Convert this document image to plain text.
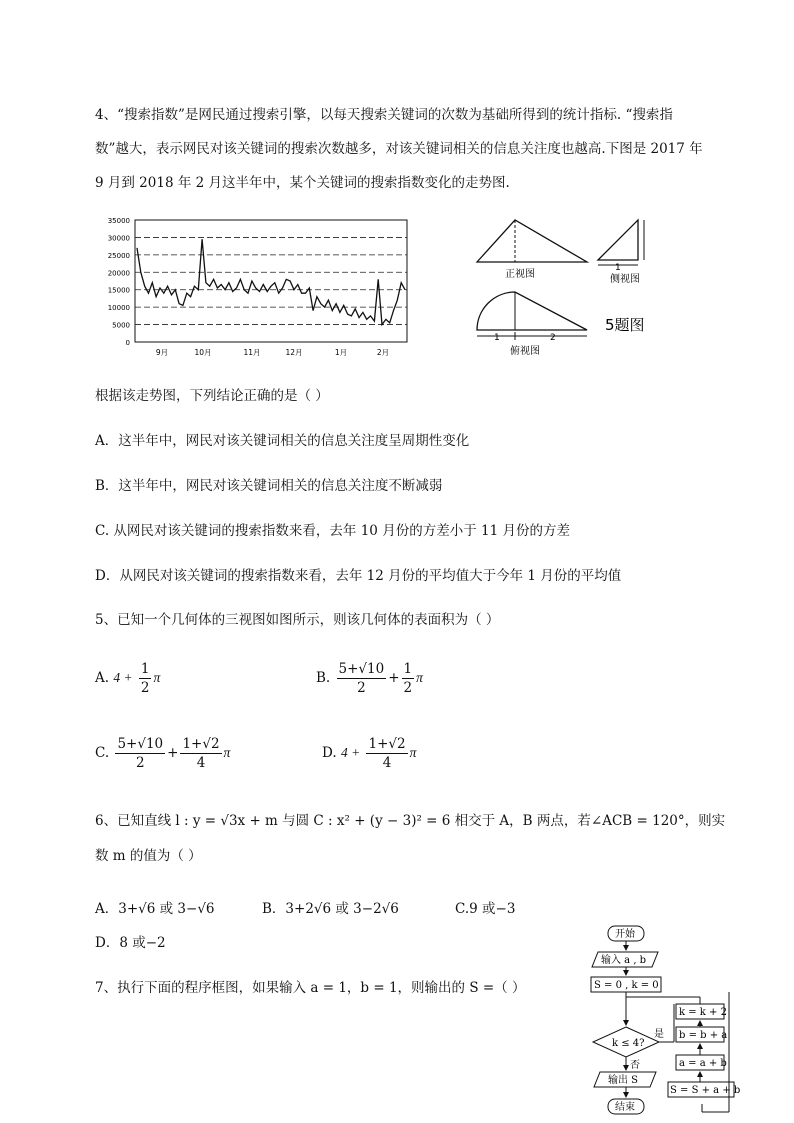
4、“搜索指数”是网民通过搜索引擎，以每天搜索关键词的次数为基础所得到的统计指标. “搜索指数”越大，表示网民对该关键词的搜索次数越多，对该关键词相关的信息关注度也越高.下图是 2017 年 9 月到 2018 年 2 月这半年中，某个关键词的搜索指数变化的走势图.
35000
30000
25000
20000
15000
10000
5000
0
9月	10月	11月	12月	1月	2月
正视图
1
侧视图
1	2
俯视图
5题图
根据该走势图，下列结论正确的是（ ）
A．这半年中，网民对该关键词相关的信息关注度呈周期性变化
B．这半年中，网民对该关键词相关的信息关注度不断减弱
C. 从网民对该关键词的搜索指数来看，去年 10 月份的方差小于 11 月份的方差
D．从网民对该关键词的搜索指数来看，去年 12 月份的平均值大于今年 1 月份的平均值
5、已知一个几何体的三视图如图所示，则该几何体的表面积为（ ）
A. $4 + \frac{1}{2}$ π	B. $\frac{5+√10}{2} + \frac{1}{2}$ π
C. $\frac{5+√10}{2} + \frac{1+√2}{4}$ π	D. $4 + \frac{1+√2}{4}$ π
6、已知直线 l : y = √3x + m 与圆 C : x² + (y − 3)² = 6 相交于 A，B 两点，若∠ACB = 120°，则实
数 m 的值为（ ）
A．3+√6 或 3−√6	B．3+2√6 或 3−2√6	C.9 或−3
D．8 或−2
7、执行下面的程序框图，如果输入 a = 1，b = 1，则输出的 S =（ ）
开始
输入 a , b
S = 0 , k = 0
k ≤ 4?
是
否
k = k + 2
b = b + a
a = a + b
S = S + a + b
输出 S
结束
